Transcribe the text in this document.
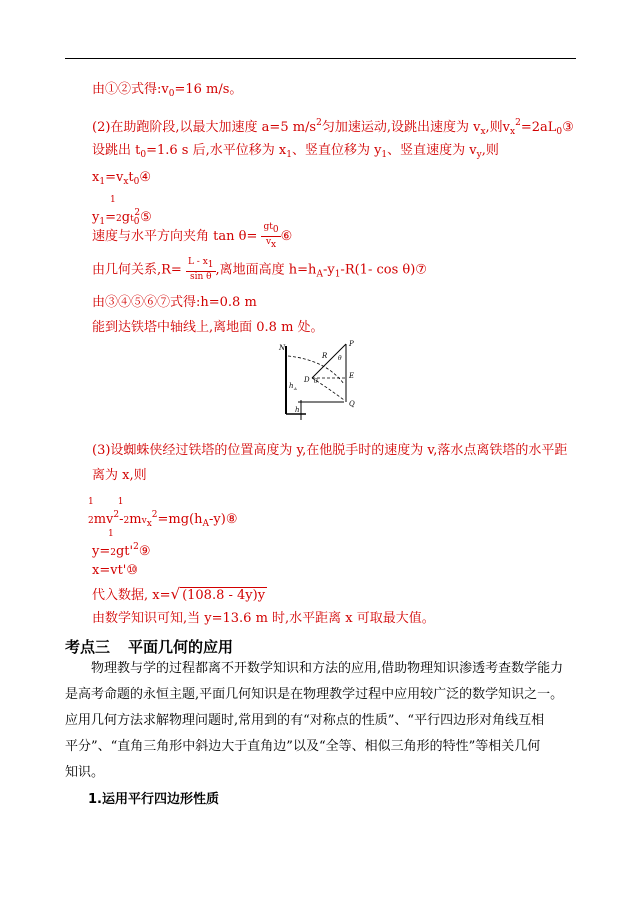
由①②式得$:v_0=16$ m/s。
(2)在助跑阶段,以最大加速度 a=5 $m/s^2$匀加速运动,设跳出速度为 $v_x$,则$v_x^2=2aL_0③$
设跳出 $t_0=1.6$ s 后,水平位移为 $x_1$、竖直位移为 $y_1$、竖直速度为 $v_y$,则
$x_1=v_xt_0④$
1
$y_1=2gt_0^2⑤$
速度与水平方向夹角 $\tan \theta= \frac{gt_0}{v_x}$ ⑥
由几何关系$,R= \frac{L - x_1}{\text{sin θ}}$ ,离地面高度 $h=h_A-y_1-R(1-$ cos θ)⑦
由③④⑤⑥⑦式得:h=0.8 m
能到达铁塔中轴线上,离地面 0.8 m 处。
N	P
R θ
E
D θ
h A
h
Q
(3)设蜘蛛侠经过铁塔的位置高度为 y,在他脱手时的速度为 v,落水点离铁塔的水平距
离为 x,则
1	1
$2mv^2-2mv_x^2=mg(h_A-y)⑧$
1
$y=2gt'^2⑨$
x=vt'⑩
代入数据, x=√ (108.8 - 4y)y
由数学知识可知,当 y=13.6 m 时,水平距离 x 可取最大值。
考点三 平面几何的应用
物理教与学的过程都离不开数学知识和方法的应用,借助物理知识渗透考查数学能力
是高考命题的永恒主题,平面几何知识是在物理教学过程中应用较广泛的数学知识之一。
应用几何方法求解物理问题时,常用到的有“对称点的性质”、“平行四边形对角线互相
平分”、“直角三角形中斜边大于直角边”以及“全等、相似三角形的特性”等相关几何
知识。
1.运用平行四边形性质
